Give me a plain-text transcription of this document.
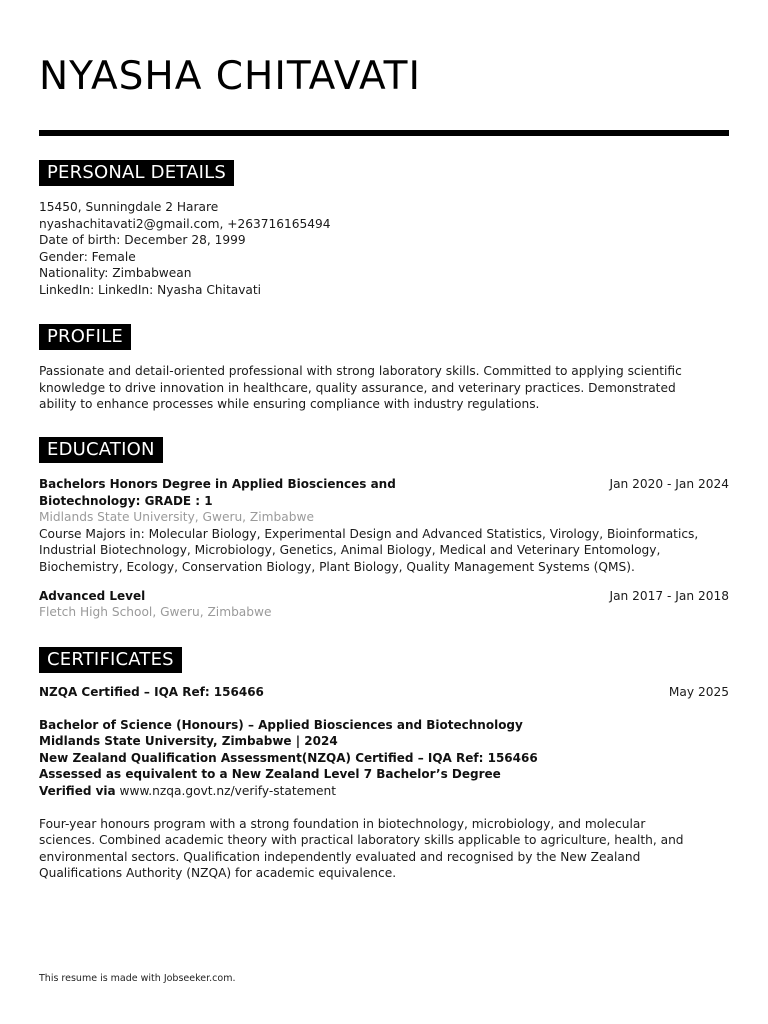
NYASHA CHITAVATI
PERSONAL DETAILS
15450, Sunningdale 2 Harare
nyashachitavati2@gmail.com, +263716165494
Date of birth: December 28, 1999
Gender: Female
Nationality: Zimbabwean
LinkedIn: LinkedIn: Nyasha Chitavati
PROFILE
Passionate and detail-oriented professional with strong laboratory skills. Committed to applying scientific
knowledge to drive innovation in healthcare, quality assurance, and veterinary practices. Demonstrated
ability to enhance processes while ensuring compliance with industry regulations.
EDUCATION
Bachelors Honors Degree in Applied Biosciences and
Biotechnology: GRADE : 1
Jan 2020 - Jan 2024
Midlands State University, Gweru, Zimbabwe
Course Majors in: Molecular Biology, Experimental Design and Advanced Statistics, Virology, Bioinformatics,
Industrial Biotechnology, Microbiology, Genetics, Animal Biology, Medical and Veterinary Entomology,
Biochemistry, Ecology, Conservation Biology, Plant Biology, Quality Management Systems (QMS).
Advanced Level	Jan 2017 - Jan 2018
Fletch High School, Gweru, Zimbabwe
CERTIFICATES
NZQA Certified – IQA Ref: 156466	May 2025
Bachelor of Science (Honours) – Applied Biosciences and Biotechnology
Midlands State University, Zimbabwe | 2024
New Zealand Qualification Assessment(NZQA) Certified – IQA Ref: 156466
Assessed as equivalent to a New Zealand Level 7 Bachelor’s Degree
Verified via www.nzqa.govt.nz/verify-statement
Four-year honours program with a strong foundation in biotechnology, microbiology, and molecular
sciences. Combined academic theory with practical laboratory skills applicable to agriculture, health, and
environmental sectors. Qualification independently evaluated and recognised by the New Zealand
Qualifications Authority (NZQA) for academic equivalence.
This resume is made with Jobseeker.com.
